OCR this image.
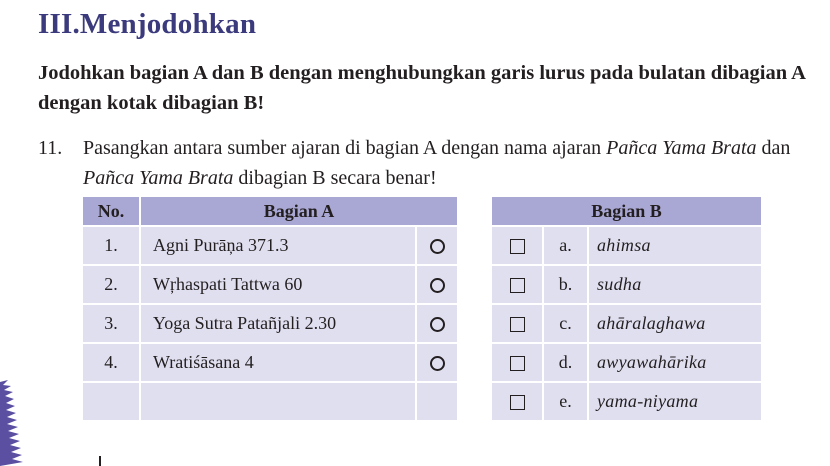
III.Menjodohkan
Jodohkan bagian A dan B dengan menghubungkan garis lurus pada bulatan dibagian A dengan kotak dibagian B!
11. Pasangkan antara sumber ajaran di bagian A dengan nama ajaran Pañca Yama Brata dan Pañca Yama Brata dibagian B secara benar!
No.	Bagian A	
1.	Agni Purāņa 371.3	
2.	Wŗhaspati Tattwa 60	
3.	Yoga Sutra Patañjali 2.30	
4.	Wratiśāsana 4	

Bagian B		
	a.	ahimsa
	b.	sudha
	c.	ahāralaghawa
	d.	awyawahārika
	e.	yama-niyama
